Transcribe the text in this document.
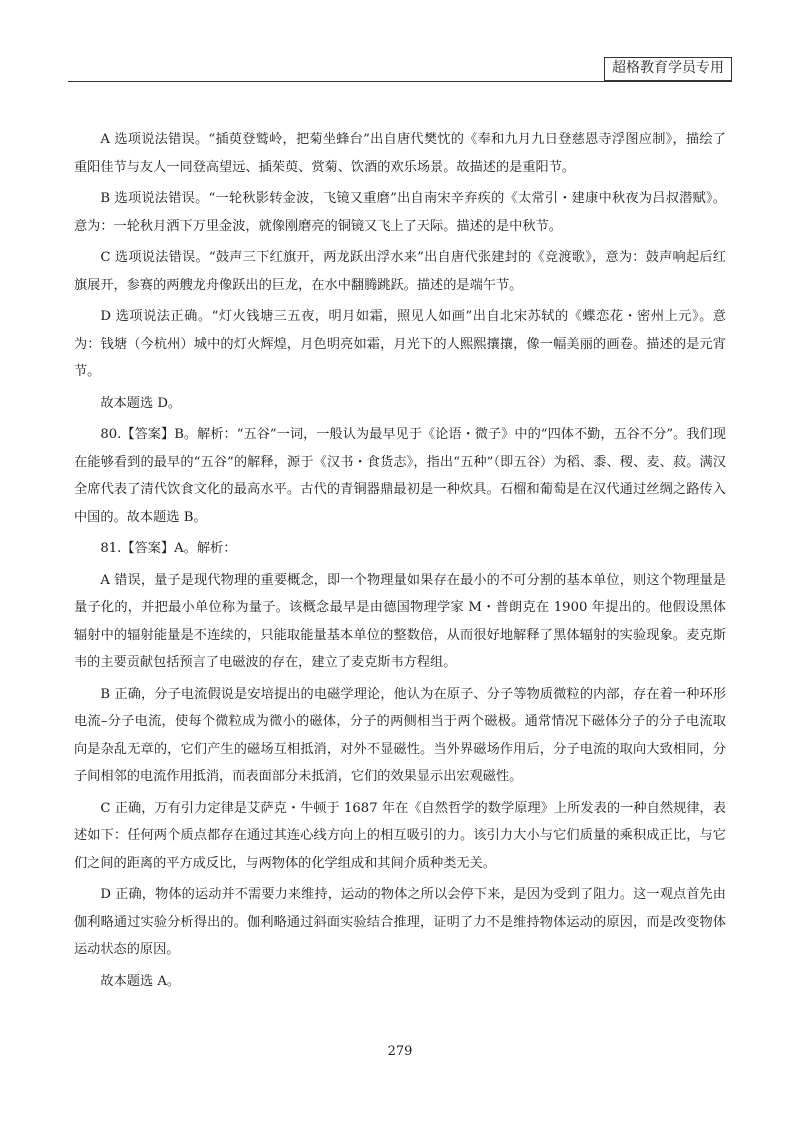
超格教育学员专用

A 选项说法错误。“插萸登鹫岭，把菊坐蜂台”出自唐代樊忱的《奉和九月九日登慈恩寺浮图应制》，描绘了重阳佳节与友人一同登高望远、插茱萸、赏菊、饮酒的欢乐场景。故描述的是重阳节。

B 选项说法错误。“一轮秋影转金波，飞镜又重磨”出自南宋辛弃疾的《太常引・建康中秋夜为吕叔潜赋》。意为：一轮秋月洒下万里金波，就像刚磨亮的铜镜又飞上了天际。描述的是中秋节。

C 选项说法错误。“鼓声三下红旗开，两龙跃出浮水来”出自唐代张建封的《竞渡歌》，意为：鼓声响起后红旗展开，参赛的两艘龙舟像跃出的巨龙，在水中翻腾跳跃。描述的是端午节。

D 选项说法正确。“灯火钱塘三五夜，明月如霜，照见人如画”出自北宋苏轼的《蝶恋花・密州上元》。意为：钱塘（今杭州）城中的灯火辉煌，月色明亮如霜，月光下的人熙熙攘攘，像一幅美丽的画卷。描述的是元宵节。

故本题选 D。

80.【答案】B。解析：“五谷”一词，一般认为最早见于《论语・微子》中的“四体不勤，五谷不分”。我们现在能够看到的最早的“五谷”的解释，源于《汉书・食货志》，指出“五种”（即五谷）为稻、黍、稷、麦、菽。满汉全席代表了清代饮食文化的最高水平。古代的青铜器鼎最初是一种炊具。石榴和葡萄是在汉代通过丝绸之路传入中国的。故本题选 B。

81.【答案】A。解析：

A 错误，量子是现代物理的重要概念，即一个物理量如果存在最小的不可分割的基本单位，则这个物理量是量子化的，并把最小单位称为量子。该概念最早是由德国物理学家 M・普朗克在 1900 年提出的。他假设黑体辐射中的辐射能量是不连续的，只能取能量基本单位的整数倍，从而很好地解释了黑体辐射的实验现象。麦克斯韦的主要贡献包括预言了电磁波的存在，建立了麦克斯韦方程组。

B 正确，分子电流假说是安培提出的电磁学理论，他认为在原子、分子等物质微粒的内部，存在着一种环形电流–分子电流，使每个微粒成为微小的磁体，分子的两侧相当于两个磁极。通常情况下磁体分子的分子电流取向是杂乱无章的，它们产生的磁场互相抵消，对外不显磁性。当外界磁场作用后，分子电流的取向大致相同，分子间相邻的电流作用抵消，而表面部分未抵消，它们的效果显示出宏观磁性。

C 正确，万有引力定律是艾萨克・牛顿于 1687 年在《自然哲学的数学原理》上所发表的一种自然规律，表述如下：任何两个质点都存在通过其连心线方向上的相互吸引的力。该引力大小与它们质量的乘积成正比，与它们之间的距离的平方成反比，与两物体的化学组成和其间介质种类无关。

D 正确，物体的运动并不需要力来维持，运动的物体之所以会停下来，是因为受到了阻力。这一观点首先由伽利略通过实验分析得出的。伽利略通过斜面实验结合推理，证明了力不是维持物体运动的原因，而是改变物体运动状态的原因。

故本题选 A。

279
